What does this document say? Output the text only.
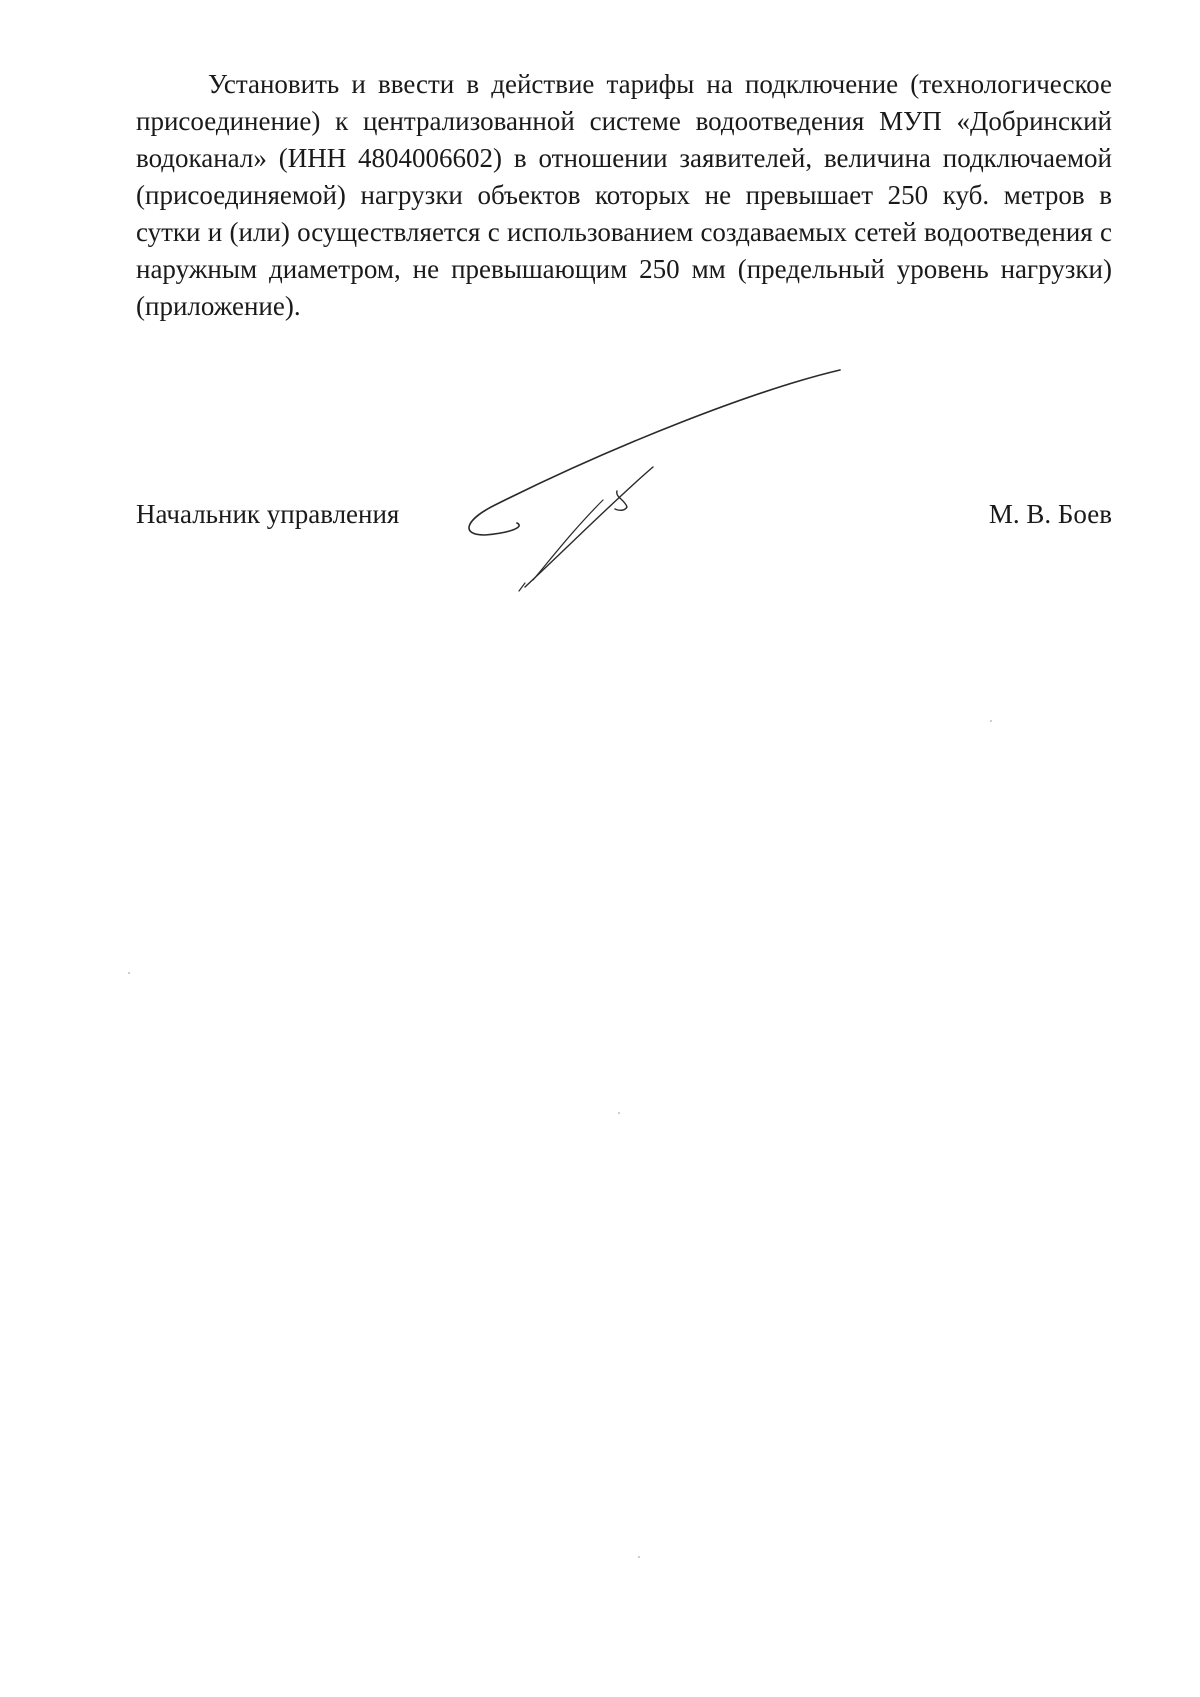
Установить и ввести в действие тарифы на подключение (технологическое присоединение) к централизованной системе водоотведения МУП «Добринский водоканал» (ИНН 4804006602) в отношении заявителей, величина подключаемой (присоединяемой) нагрузки объектов которых не превышает 250 куб. метров в сутки и (или) осуществляется с использованием создаваемых сетей водоотведения с наружным диаметром, не превышающим 250 мм (предельный уровень нагрузки) (приложение).

Начальник управления	М. В. Боев
